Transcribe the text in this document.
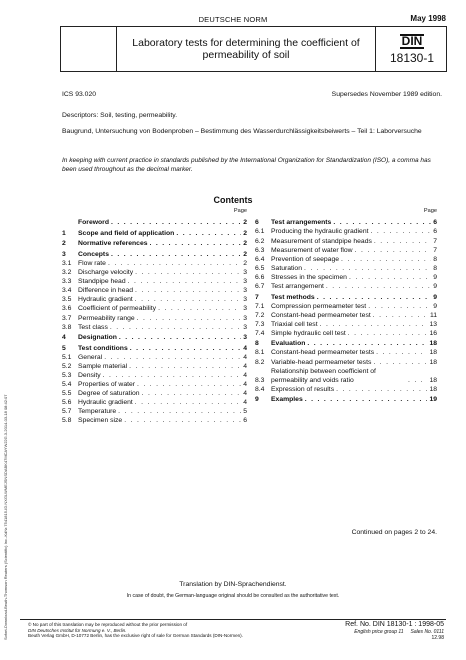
DEUTSCHE NORM	May 1998
Laboratory tests for determining the coefficient of permeability of soil
DIN
18130-1
ICS 93.020	Supersedes November 1989 edition.
Descriptors: Soil, testing, permeability.
Baugrund, Untersuchung von Bodenproben – Bestimmung des Wasserdurchlässigkeitsbeiwerts – Teil 1: Laborversuche
In keeping with current practice in standards published by the International Organization for Standardization (ISO), a comma has been used throughout as the decimal marker.
Contents
Page
Foreword . . .	2
1	Scope and field of application . . .	2
2	Normative references . . .	2
3	Concepts . . .	2
3.1 Flow rate . . .	2
3.2 Discharge velocity . . .	3
3.3 Standpipe head . . .	3
3.4 Difference in head . . .	3
3.5 Hydraulic gradient . . .	3
3.6 Coefficient of permeability . . .	3
3.7 Permeability range . . .	3
3.8 Test class . . .	3
4	Designation . . .	3
5	Test conditions . . .	4
5.1 General . . .	4
5.2 Sample material . . .	4
5.3 Density . . .	4
5.4 Properties of water . . .	4
5.5 Degree of saturation . . .	4
5.6 Hydraulic gradient . . .	4
5.7 Temperature . . .	5
5.8 Specimen size . . .	6
Page
6	Test arrangements . . .	6
6.1 Producing the hydraulic gradient . . .	6
6.2 Measurement of standpipe heads . . .	7
6.3 Measurement of water flow . . .	7
6.4 Prevention of seepage . . .	8
6.5 Saturation . . .	8
6.6 Stresses in the specimen . . .	9
6.7 Test arrangement . . .	9
7	Test methods . . .	9
7.1 Compression permeameter test . . .	9
7.2 Constant-head permeameter test . . .	11
7.3 Triaxial cell test . . .	13
7.4 Simple hydraulic cell test . . .	16
8	Evaluation . . .	18
8.1 Constant-head permeameter tests . . .	18
8.2 Variable-head permeameter tests . . .	18
8.3
Relationship between coefficient of permeability and voids ratio . . .	18
8.4 Expression of results . . .	18
9	Examples . . .	19
Continued on pages 2 to 24.
Translation by DIN-Sprachendienst.
In case of doubt, the German-language original should be consulted as the authoritative text.
© No part of this translation may be reproduced without the prior permission of
DIN Deutsches Institut für Normung e. V., Berlin.
Beuth Verlag GmbH, D-10772 Berlin, has the exclusive right of sale for German Standards (DIN-Normen).
Ref. No. DIN 18130-1 : 1998-05
English price group 11 Sales No. 0111
12.98
Sofort-Download-Beuth-Thomson Reuters (Scientific) Inc.-KdNr.7541815-ID.NXGLWMEJSNSDABK47MCAYWJ2G.3-2014-03-18 08:42:07
